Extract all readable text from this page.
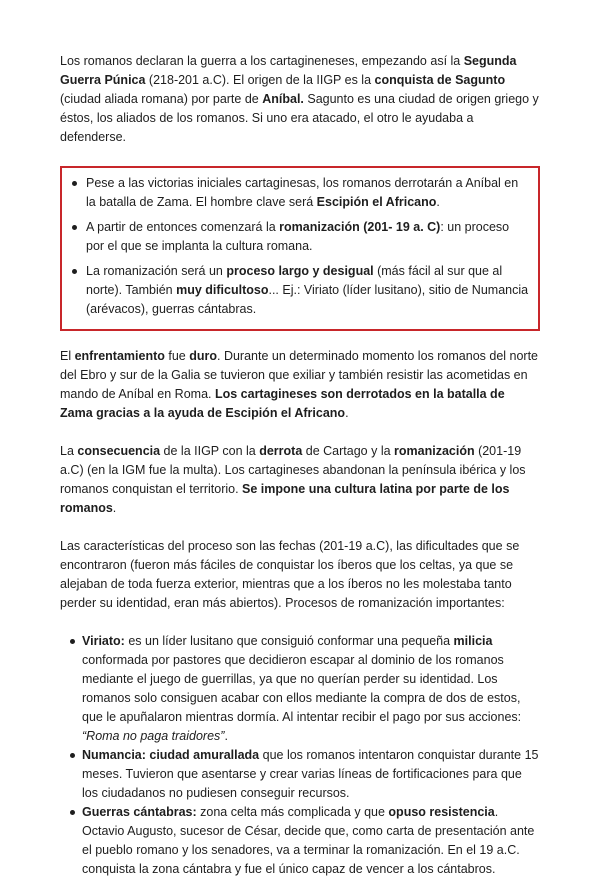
Los romanos declaran la guerra a los cartagineneses, empezando así la Segunda Guerra Púnica (218-201 a.C). El origen de la IIGP es la conquista de Sagunto (ciudad aliada romana) por parte de Aníbal. Sagunto es una ciudad de origen griego y éstos, los aliados de los romanos. Si uno era atacado, el otro le ayudaba a defenderse.

Pese a las victorias iniciales cartaginesas, los romanos derrotarán a Aníbal en la batalla de Zama. El hombre clave será Escipión el Africano.
A partir de entonces comenzará la romanización (201- 19 a. C): un proceso por el que se implanta la cultura romana.
La romanización será un proceso largo y desigual (más fácil al sur que al norte). También muy dificultoso... Ej.: Viriato (líder lusitano), sitio de Numancia (arévacos), guerras cántabras.

El enfrentamiento fue duro. Durante un determinado momento los romanos del norte del Ebro y sur de la Galia se tuvieron que exiliar y también resistir las acometidas en mando de Aníbal en Roma. Los cartagineses son derrotados en la batalla de Zama gracias a la ayuda de Escipión el Africano.

La consecuencia de la IIGP con la derrota de Cartago y la romanización (201-19 a.C) (en la IGM fue la multa). Los cartagineses abandonan la península ibérica y los romanos conquistan el territorio. Se impone una cultura latina por parte de los romanos.

Las características del proceso son las fechas (201-19 a.C), las dificultades que se encontraron (fueron más fáciles de conquistar los íberos que los celtas, ya que se alejaban de toda fuerza exterior, mientras que a los íberos no les molestaba tanto perder su identidad, eran más abiertos). Procesos de romanización importantes:

Viriato: es un líder lusitano que consiguió conformar una pequeña milicia conformada por pastores que decidieron escapar al dominio de los romanos mediante el juego de guerrillas, ya que no querían perder su identidad. Los romanos solo consiguen acabar con ellos mediante la compra de dos de estos, que le apuñalaron mientras dormía. Al intentar recibir el pago por sus acciones: “Roma no paga traidores”.
Numancia: ciudad amurallada que los romanos intentaron conquistar durante 15 meses. Tuvieron que asentarse y crear varias líneas de fortificaciones para que los ciudadanos no pudiesen conseguir recursos.
Guerras cántabras: zona celta más complicada y que opuso resistencia. Octavio Augusto, sucesor de César, decide que, como carta de presentación ante el pueblo romano y los senadores, va a terminar la romanización. En el 19 a.C. conquista la zona cántabra y fue el único capaz de vencer a los cántabros.
